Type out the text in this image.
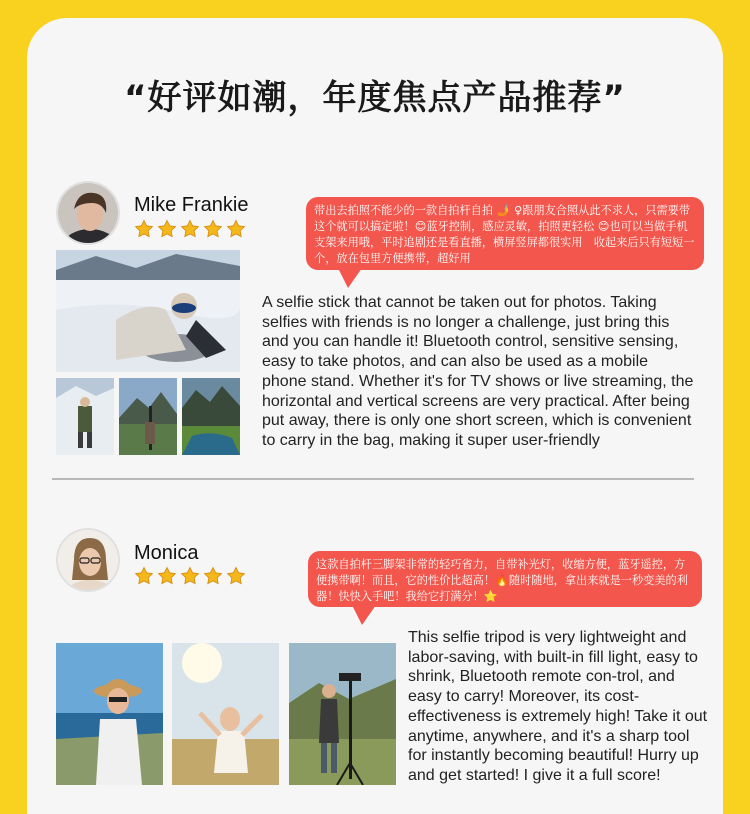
“好评如潮，年度焦点产品推荐”
Mike Frankie	带出去拍照不能少的一款自拍杆自拍 🤳 ♀跟朋友合照从此不求人，只需要带这个就可以搞定啦！😊蓝牙控制，感应灵敏，拍照更轻松 😊也可以当做手机支架来用哦，平时追剧还是看直播，横屏竖屏都很实用　收起来后只有短短一个，放在包里方便携带，超好用

A selfie stick that cannot be taken out for photos. Taking selfies with friends is no longer a challenge, just bring this and you can handle it! Bluetooth control, sensitive sensing, easy to take photos, and can also be used as a mobile phone stand. Whether it's for TV shows or live streaming, the horizontal and vertical screens are very practical. After being put away, there is only one short screen, which is convenient to carry in the bag, making it super user-friendly

Monica
这款自拍杆三脚架非常的轻巧省力，自带补光灯，收缩方便，蓝牙遥控，方便携带啊！而且，它的性价比超高！🔥随时随地，拿出来就是一秒变美的利器！快快入手吧！我给它打满分！⭐

This selfie tripod is very lightweight and labor-saving, with built-in fill light, easy to shrink, Bluetooth remote con-trol, and easy to carry! Moreover, its cost-effectiveness is extremely high! Take it out anytime, anywhere, and it's a sharp tool for instantly becoming beautiful! Hurry up and get started! I give it a full score!
